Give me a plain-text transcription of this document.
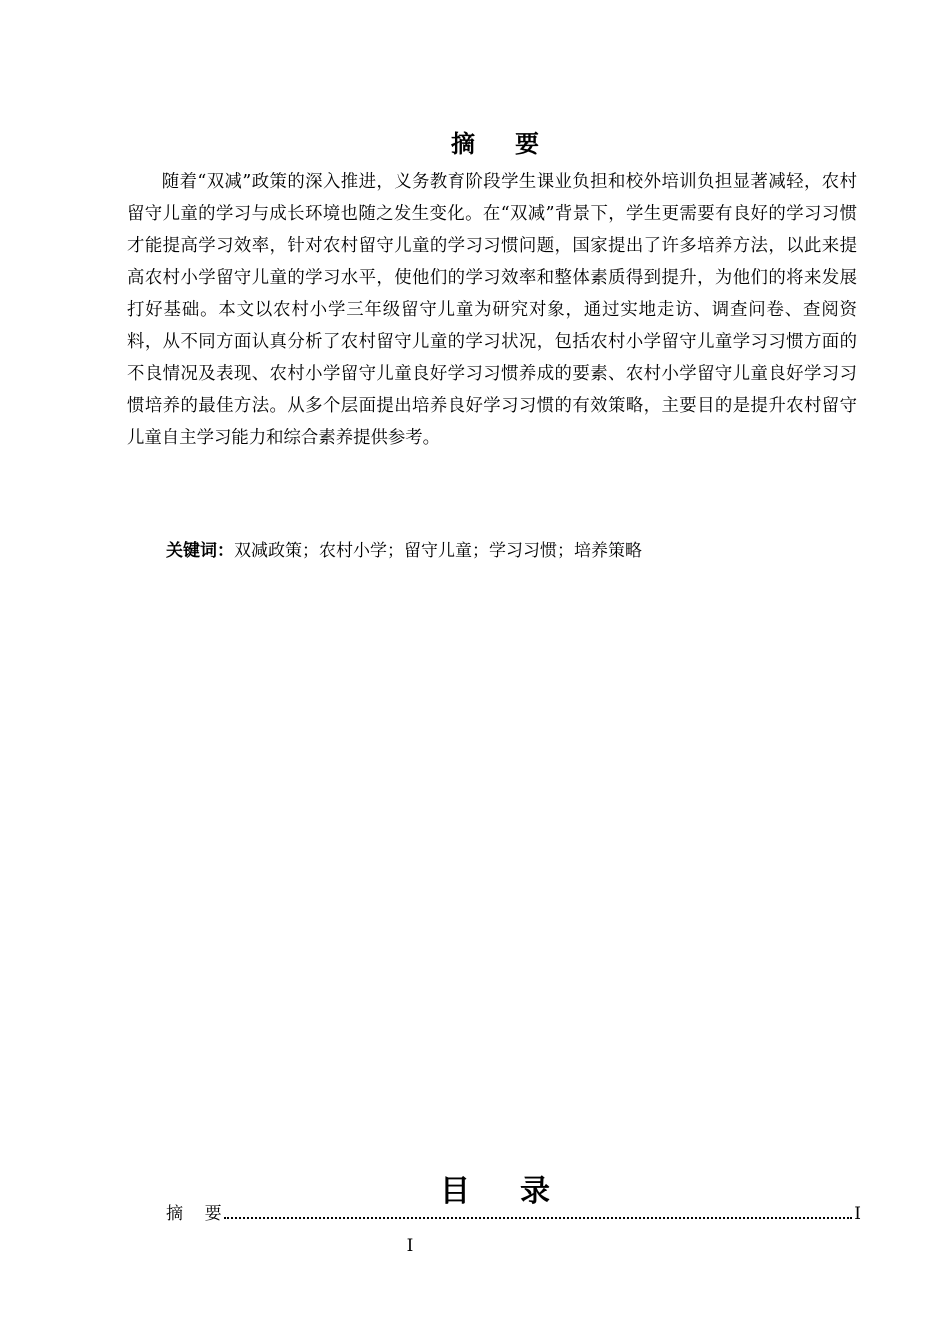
摘 要

随着“双减”政策的深入推进，义务教育阶段学生课业负担和校外培训负担显著减轻，农村留守儿童的学习与成长环境也随之发生变化。在“双减”背景下，学生更需要有良好的学习习惯才能提高学习效率，针对农村留守儿童的学习习惯问题，国家提出了许多培养方法，以此来提高农村小学留守儿童的学习水平，使他们的学习效率和整体素质得到提升，为他们的将来发展打好基础。本文以农村小学三年级留守儿童为研究对象，通过实地走访、调查问卷、查阅资料，从不同方面认真分析了农村留守儿童的学习状况，包括农村小学留守儿童学习习惯方面的不良情况及表现、农村小学留守儿童良好学习习惯养成的要素、农村小学留守儿童良好学习习惯培养的最佳方法。从多个层面提出培养良好学习习惯的有效策略，主要目的是提升农村留守儿童自主学习能力和综合素养提供参考。

关键词：双减政策；农村小学；留守儿童；学习习惯；培养策略

目 录
摘    要	I
I
